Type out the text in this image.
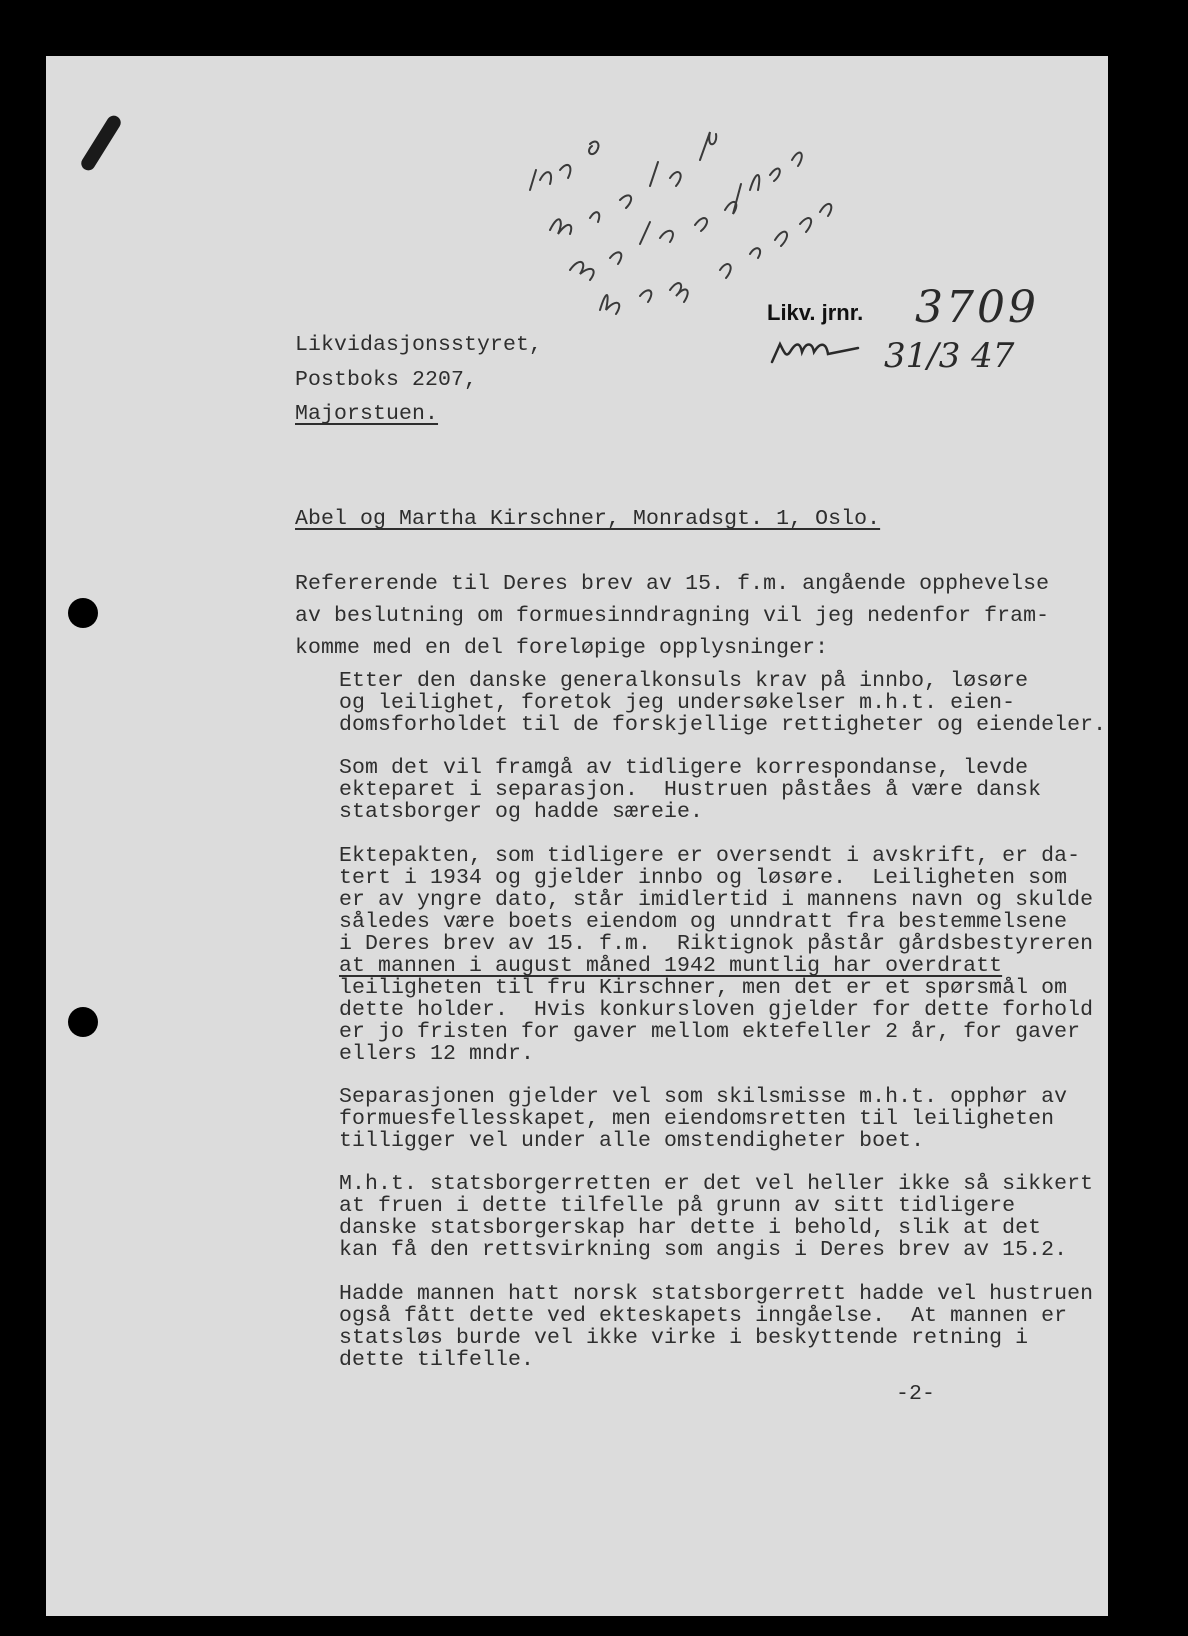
Likv. jrnr. 3709
31/3 47
Likvidasjonsstyret,
Postboks 2207,
Majorstuen.
Abel og Martha Kirschner, Monradsgt. 1, Oslo.
Refererende til Deres brev av 15. f.m. angående opphevelse
av beslutning om formuesinndragning vil jeg nedenfor fram-
komme med en del foreløpige opplysninger:
Etter den danske generalkonsuls krav på innbo, løsøre
og leilighet, foretok jeg undersøkelser m.h.t. eien-
domsforholdet til de forskjellige rettigheter og eiendeler.
Som det vil framgå av tidligere korrespondanse, levde
ekteparet i separasjon.  Hustruen påståes å være dansk
statsborger og hadde særeie.
Ektepakten, som tidligere er oversendt i avskrift, er da-
tert i 1934 og gjelder innbo og løsøre.  Leiligheten som
er av yngre dato, står imidlertid i mannens navn og skulde
således være boets eiendom og unndratt fra bestemmelsene
i Deres brev av 15. f.m.  Riktignok påstår gårdsbestyreren
at mannen i august måned 1942 muntlig har overdratt
leiligheten til fru Kirschner, men det er et spørsmål om
dette holder.  Hvis konkursloven gjelder for dette forhold
er jo fristen for gaver mellom ektefeller 2 år, for gaver
ellers 12 mndr.
Separasjonen gjelder vel som skilsmisse m.h.t. opphør av
formuesfellesskapet, men eiendomsretten til leiligheten
tilligger vel under alle omstendigheter boet.
M.h.t. statsborgerretten er det vel heller ikke så sikkert
at fruen i dette tilfelle på grunn av sitt tidligere
danske statsborgerskap har dette i behold, slik at det
kan få den rettsvirkning som angis i Deres brev av 15.2.
Hadde mannen hatt norsk statsborgerrett hadde vel hustruen
også fått dette ved ekteskapets inngåelse.  At mannen er
statsløs burde vel ikke virke i beskyttende retning i
dette tilfelle.
-2-
